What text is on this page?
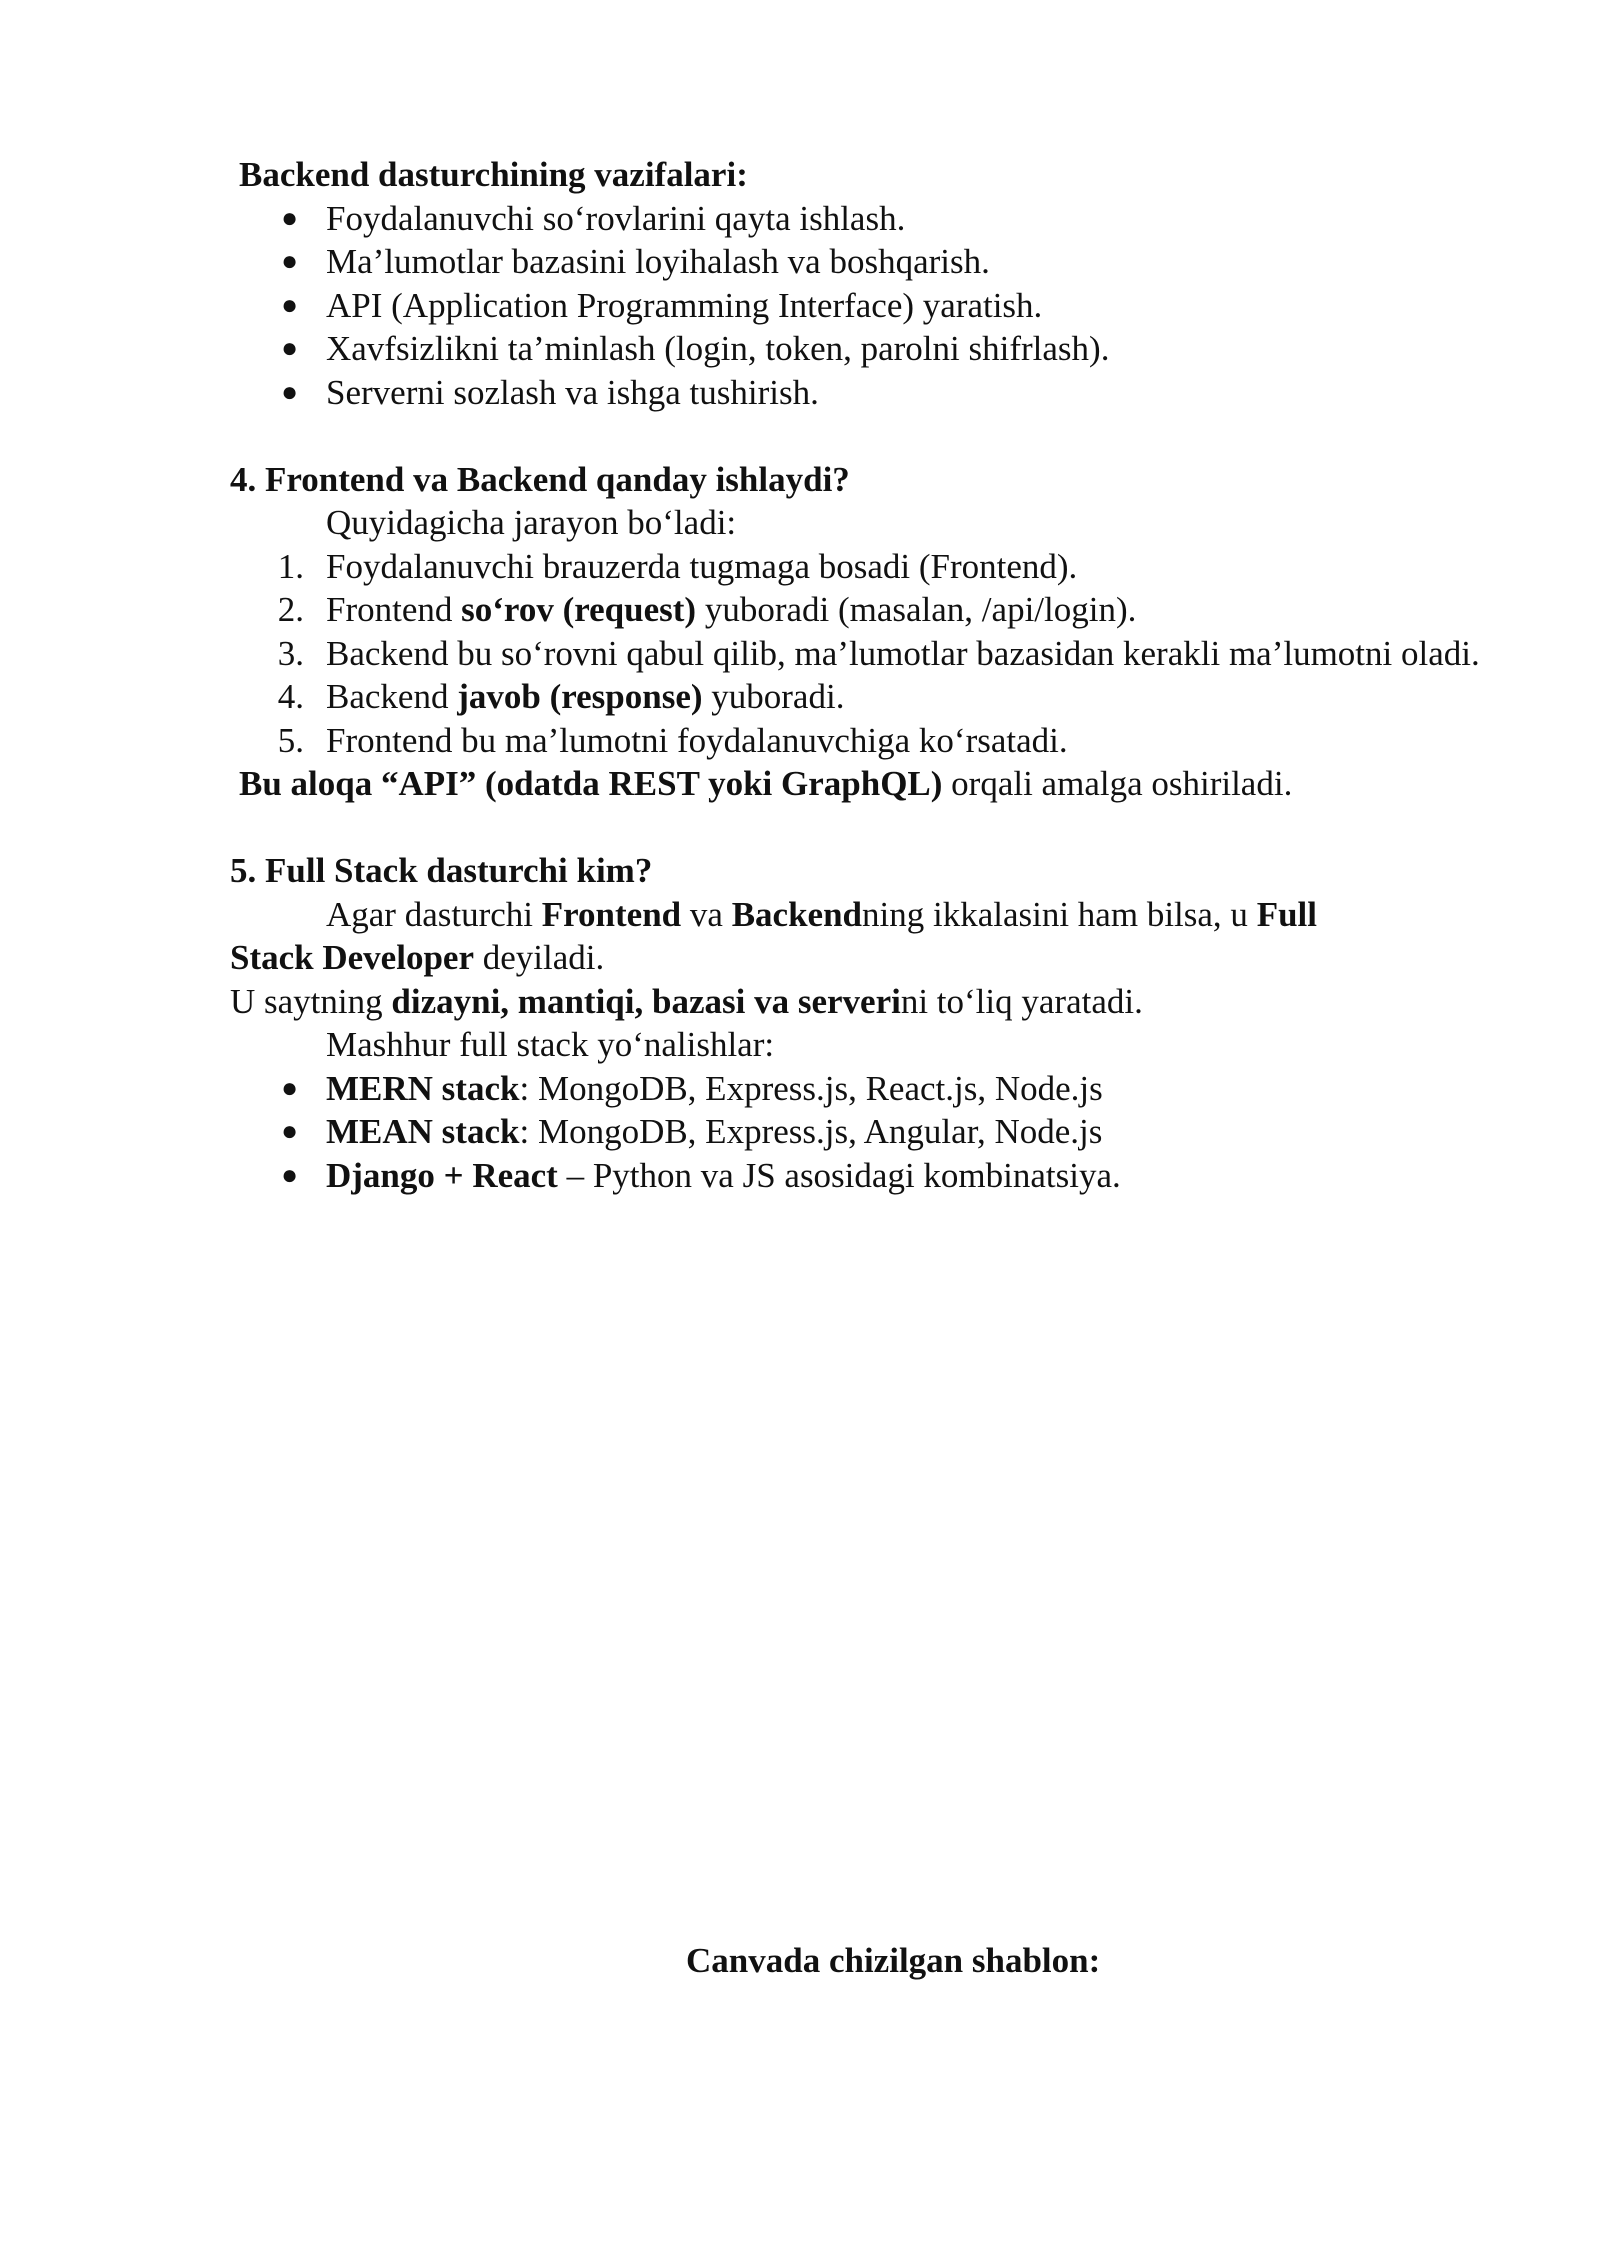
Backend dasturchining vazifalari:

● Foydalanuvchi so‘rovlarini qayta ishlash.
● Ma’lumotlar bazasini loyihalash va boshqarish.
● API (Application Programming Interface) yaratish.
● Xavfsizlikni ta’minlash (login, token, parolni shifrlash).
● Serverni sozlash va ishga tushirish.

4. Frontend va Backend qanday ishlaydi?

Quyidagicha jarayon bo‘ladi:

1. Foydalanuvchi brauzerda tugmaga bosadi (Frontend).
2. Frontend so‘rov (request) yuboradi (masalan, /api/login).
3. Backend bu so‘rovni qabul qilib, ma’lumotlar bazasidan kerakli ma’lumotni oladi.
4. Backend javob (response) yuboradi.
5. Frontend bu ma’lumotni foydalanuvchiga ko‘rsatadi.

Bu aloqa “API” (odatda REST yoki GraphQL) orqali amalga oshiriladi.

5. Full Stack dasturchi kim?

Agar dasturchi Frontend va Backendning ikkalasini ham bilsa, u Full

Stack Developer deyiladi.

U saytning dizayni, mantiqi, bazasi va serverini to‘liq yaratadi.

Mashhur full stack yo‘nalishlar:

● MERN stack: MongoDB, Express.js, React.js, Node.js
● MEAN stack: MongoDB, Express.js, Angular, Node.js
● Django + React – Python va JS asosidagi kombinatsiya.

Canvada chizilgan shablon:
